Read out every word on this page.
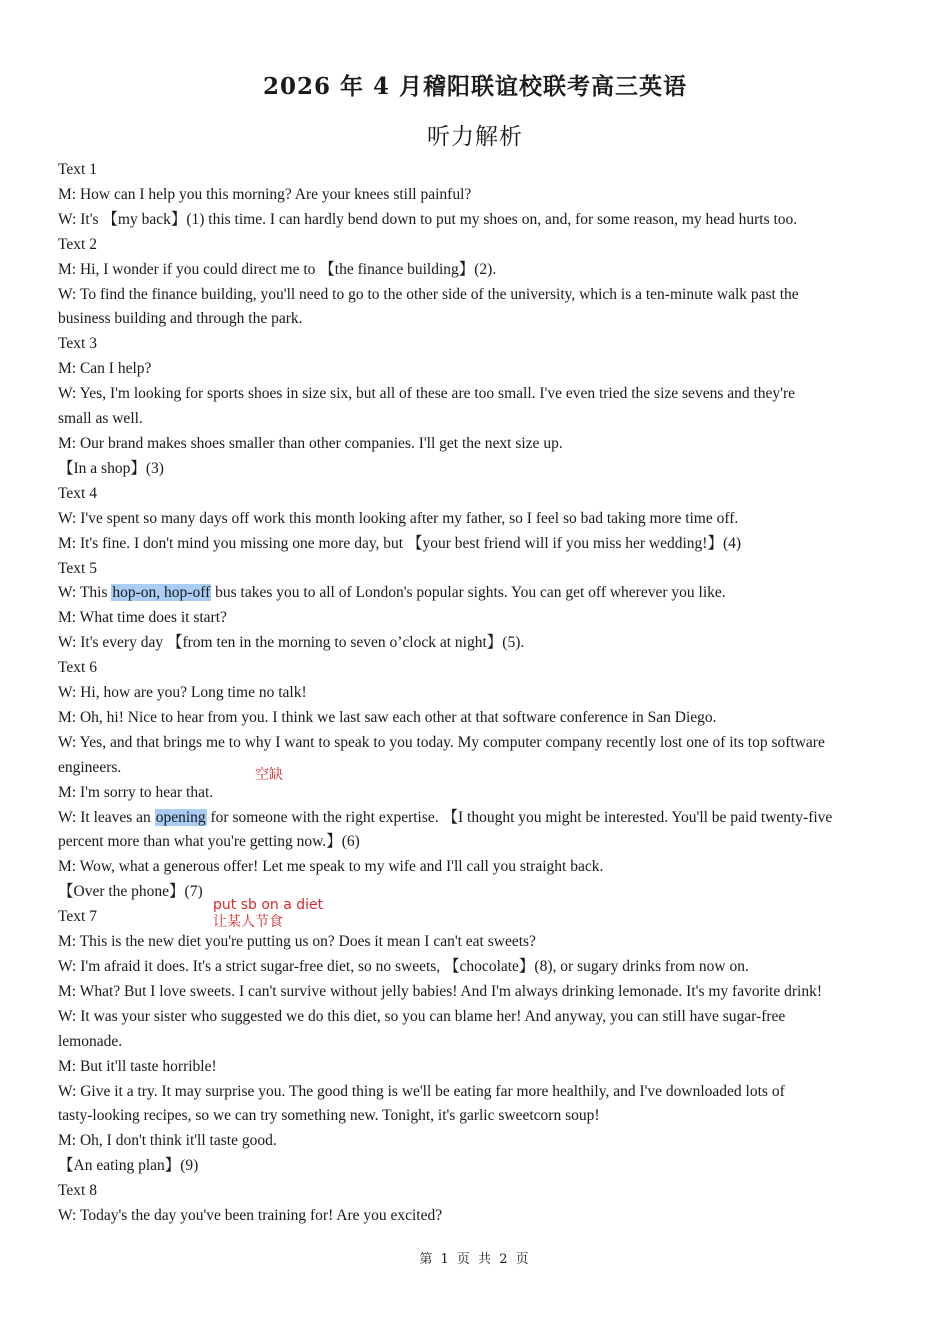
2026 年 4 月稽阳联谊校联考高三英语
听力解析

Text 1

M: How can I help you this morning? Are your knees still painful?

W: It's 【my back】(1) this time. I can hardly bend down to put my shoes on, and, for some reason, my head hurts too.

Text 2

M: Hi, I wonder if you could direct me to 【the finance building】(2).

W: To find the finance building, you'll need to go to the other side of the university, which is a ten-minute walk past the

business building and through the park.

Text 3

M: Can I help?

W: Yes, I'm looking for sports shoes in size six, but all of these are too small. I've even tried the size sevens and they're

small as well.

M: Our brand makes shoes smaller than other companies. I'll get the next size up.

【In a shop】(3)

Text 4

W: I've spent so many days off work this month looking after my father, so I feel so bad taking more time off.

M: It's fine. I don't mind you missing one more day, but 【your best friend will if you miss her wedding!】(4)

Text 5

W: This hop-on, hop-off bus takes you to all of London's popular sights. You can get off wherever you like.

M: What time does it start?

W: It's every day 【from ten in the morning to seven o’clock at night】(5).

Text 6

W: Hi, how are you? Long time no talk!

M: Oh, hi! Nice to hear from you. I think we last saw each other at that software conference in San Diego.

W: Yes, and that brings me to why I want to speak to you today. My computer company recently lost one of its top software

engineers.

M: I'm sorry to hear that.

W: It leaves an opening for someone with the right expertise. 【I thought you might be interested. You'll be paid twenty-five

percent more than what you're getting now.】(6)

M: Wow, what a generous offer! Let me speak to my wife and I'll call you straight back.

【Over the phone】(7)

Text 7

M: This is the new diet you're putting us on? Does it mean I can't eat sweets?

W: I'm afraid it does. It's a strict sugar-free diet, so no sweets, 【chocolate】(8), or sugary drinks from now on.

M: What? But I love sweets. I can't survive without jelly babies! And I'm always drinking lemonade. It's my favorite drink!

W: It was your sister who suggested we do this diet, so you can blame her! And anyway, you can still have sugar-free

lemonade.

M: But it'll taste horrible!

W: Give it a try. It may surprise you. The good thing is we'll be eating far more healthily, and I've downloaded lots of

tasty-looking recipes, so we can try something new. Tonight, it's garlic sweetcorn soup!

M: Oh, I don't think it'll taste good.

【An eating plan】(9)

Text 8

W: Today's the day you've been training for! Are you excited?

空缺
put sb on a diet
让某人节食
第 1 页 共 2 页
